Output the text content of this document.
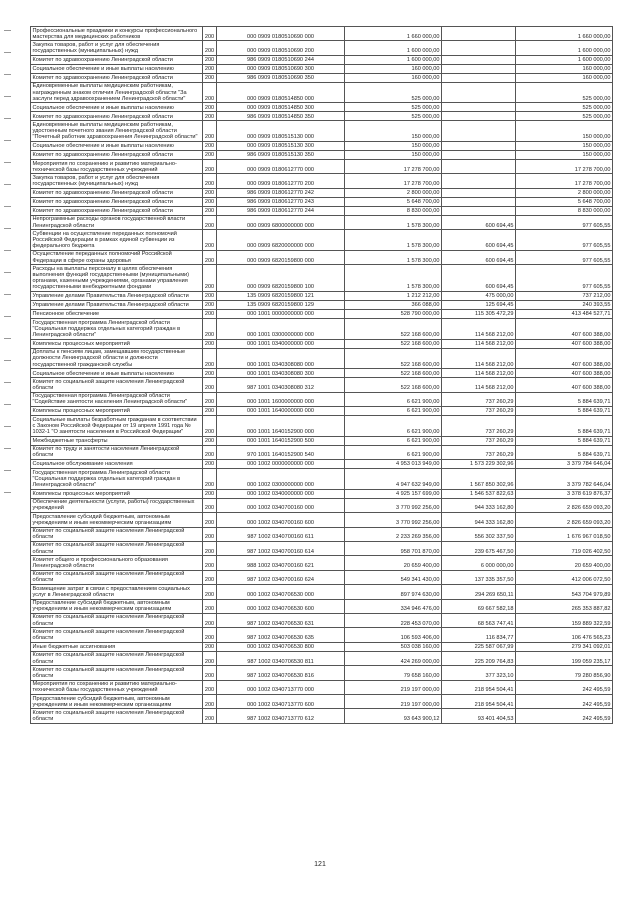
Профессиональные праздники и конкурсы профессионального мастерства для медицинских работников	200	000 0909 0180510690 000	1 660 000,00		1 660 000,00
Закупка товаров, работ и услуг для обеспечения государственных (муниципальных) нужд	200	000 0909 0180510690 200	1 600 000,00		1 600 000,00
Комитет по здравоохранению Ленинградской области	200	986 0909 0180510690 244	1 600 000,00		1 600 000,00
Социальное обеспечение и иные выплаты населению	200	000 0909 0180510690 300	160 000,00		160 000,00
Комитет по здравоохранению Ленинградской области	200	986 0909 0180510690 350	160 000,00		160 000,00
Единовременные выплаты медицинским работникам, награжденным знаком отличия Ленинградской области "За заслуги перед здравоохранением Ленинградской области"	200	000 0909 0180514850 000	525 000,00		525 000,00
Социальное обеспечение и иные выплаты населению	200	000 0909 0180514850 300	525 000,00		525 000,00
Комитет по здравоохранению Ленинградской области	200	986 0909 0180514850 350	525 000,00		525 000,00
Единовременные выплаты медицинским работникам, удостоенным почетного звания Ленинградской области "Почетный работник здравоохранения Ленинградской области"	200	000 0909 0180515130 000	150 000,00		150 000,00
Социальное обеспечение и иные выплаты населению	200	000 0909 0180515130 300	150 000,00		150 000,00
Комитет по здравоохранению Ленинградской области	200	986 0909 0180515130 350	150 000,00		150 000,00
Мероприятия по сохранению и развитию материально-технической базы государственных учреждений	200	000 0909 0180612770 000	17 278 700,00		17 278 700,00
Закупка товаров, работ и услуг для обеспечения государственных (муниципальных) нужд	200	000 0909 0180612770 200	17 278 700,00		17 278 700,00
Комитет по здравоохранению Ленинградской области	200	986 0909 0180612770 242	2 800 000,00		2 800 000,00
Комитет по здравоохранению Ленинградской области	200	986 0909 0180612770 243	5 648 700,00		5 648 700,00
Комитет по здравоохранению Ленинградской области	200	986 0909 0180612770 244	8 830 000,00		8 830 000,00
Непрограммные расходы органов государственной власти Ленинградской области	200	000 0909 6800000000 000	1 578 300,00	600 694,45	977 605,55
Субвенции на осуществление переданных полномочий Российской Федерации в рамках единой субвенции из федерального бюджета	200	000 0909 6820000000 000	1 578 300,00	600 694,45	977 605,55
Осуществление переданных полномочий Российской Федерации в сфере охраны здоровья	200	000 0909 6820159800 000	1 578 300,00	600 694,45	977 605,55
Расходы на выплаты персоналу в целях обеспечения выполнения функций государственными (муниципальными) органами, казенными учреждениями, органами управления государственными внебюджетными фондами	200	000 0909 6820159800 100	1 578 300,00	600 694,45	977 605,55
Управление делами Правительства Ленинградской области	200	135 0909 6820159800 121	1 212 212,00	475 000,00	737 212,00
Управление делами Правительства Ленинградской области	200	135 0909 6820159800 129	366 088,00	125 694,45	240 393,55
Пенсионное обеспечение	200	000 1001 0000000000 000	528 790 000,00	115 305 472,29	413 484 527,71
Государственная программа Ленинградской области "Социальная поддержка отдельных категорий граждан в Ленинградской области"	200	000 1001 0300000000 000	522 168 600,00	114 568 212,00	407 600 388,00
Комплексы процессных мероприятий	200	000 1001 0340000000 000	522 168 600,00	114 568 212,00	407 600 388,00
Доплаты к пенсиям лицам, замещавшим государственные должности Ленинградской области и должности государственной гражданской службы	200	000 1001 0340308080 000	522 168 600,00	114 568 212,00	407 600 388,00
Социальное обеспечение и иные выплаты населению	200	000 1001 0340308080 300	522 168 600,00	114 568 212,00	407 600 388,00
Комитет по социальной защите населения Ленинградской области	200	987 1001 0340308080 312	522 168 600,00	114 568 212,00	407 600 388,00
Государственная программа Ленинградской области "Содействие занятости населения Ленинградской области"	200	000 1001 1600000000 000	6 621 900,00	737 260,29	5 884 639,71
Комплексы процессных мероприятий	200	000 1001 1640000000 000	6 621 900,00	737 260,29	5 884 639,71
Социальные выплаты безработным гражданам в соответствии с Законом Российской Федерации от 19 апреля 1991 года № 1032-1 "О занятости населения в Российской Федерации"	200	000 1001 1640152900 000	6 621 900,00	737 260,29	5 884 639,71
Межбюджетные трансферты	200	000 1001 1640152900 500	6 621 900,00	737 260,29	5 884 639,71
Комитет по труду и занятости населения Ленинградской области	200	970 1001 1640152900 540	6 621 900,00	737 260,29	5 884 639,71
Социальное обслуживание населения	200	000 1002 0000000000 000	4 953 013 949,00	1 573 229 302,96	3 379 784 646,04
Государственная программа Ленинградской области "Социальная поддержка отдельных категорий граждан в Ленинградской области"	200	000 1002 0300000000 000	4 947 632 949,00	1 567 850 302,96	3 379 782 646,04
Комплексы процессных мероприятий	200	000 1002 0340000000 000	4 925 157 699,00	1 546 537 822,63	3 378 619 876,37
Обеспечение деятельности (услуги, работы) государственных учреждений	200	000 1002 0340700160 000	3 770 992 256,00	944 333 162,80	2 826 659 093,20
Предоставление субсидий бюджетным, автономным учреждениям и иным некоммерческим организациям	200	000 1002 0340700160 600	3 770 992 256,00	944 333 162,80	2 826 659 093,20
Комитет по социальной защите населения Ленинградской области	200	987 1002 0340700160 611	2 233 269 356,00	556 302 337,50	1 676 967 018,50
Комитет по социальной защите населения Ленинградской области	200	987 1002 0340700160 614	958 701 870,00	239 675 467,50	719 026 402,50
Комитет общего и профессионального образования Ленинградской области	200	988 1002 0340700160 621	20 659 400,00	6 000 000,00	20 659 400,00
Комитет по социальной защите населения Ленинградской области	200	987 1002 0340700160 624	549 341 430,00	137 335 357,50	412 006 072,50
Возмещение затрат в связи с предоставлением социальных услуг в Ленинградской области	200	000 1002 0340706530 000	897 974 630,00	294 269 650,11	543 704 979,89
Предоставление субсидий бюджетным, автономным учреждениям и иным некоммерческим организациям	200	000 1002 0340706530 600	334 946 476,00	69 667 582,18	265 353 887,82
Комитет по социальной защите населения Ленинградской области	200	987 1002 0340706530 631	228 453 070,00	68 563 747,41	159 889 322,59
Комитет по социальной защите населения Ленинградской области	200	987 1002 0340706530 635	106 593 406,00	116 834,77	106 476 565,23
Иные бюджетные ассигнования	200	000 1002 0340706530 800	503 038 160,00	225 587 067,99	279 341 092,01
Комитет по социальной защите населения Ленинградской области	200	987 1002 0340706530 811	424 269 000,00	225 209 764,83	199 059 235,17
Комитет по социальной защите населения Ленинградской области	200	987 1002 0340706530 816	79 658 160,00	377 323,10	79 280 856,90
Мероприятия по сохранению и развитию материально-технической базы государственных учреждений	200	000 1002 0340713770 000	219 197 000,00	218 954 504,41	242 495,59
Предоставление субсидий бюджетным, автономным учреждениям и иным некоммерческим организациям	200	000 1002 0340713770 600	219 197 000,00	218 954 504,41	242 495,59
Комитет по социальной защите населения Ленинградской области	200	987 1002 0340713770 612	93 643 900,12	93 401 404,53	242 495,59
121
